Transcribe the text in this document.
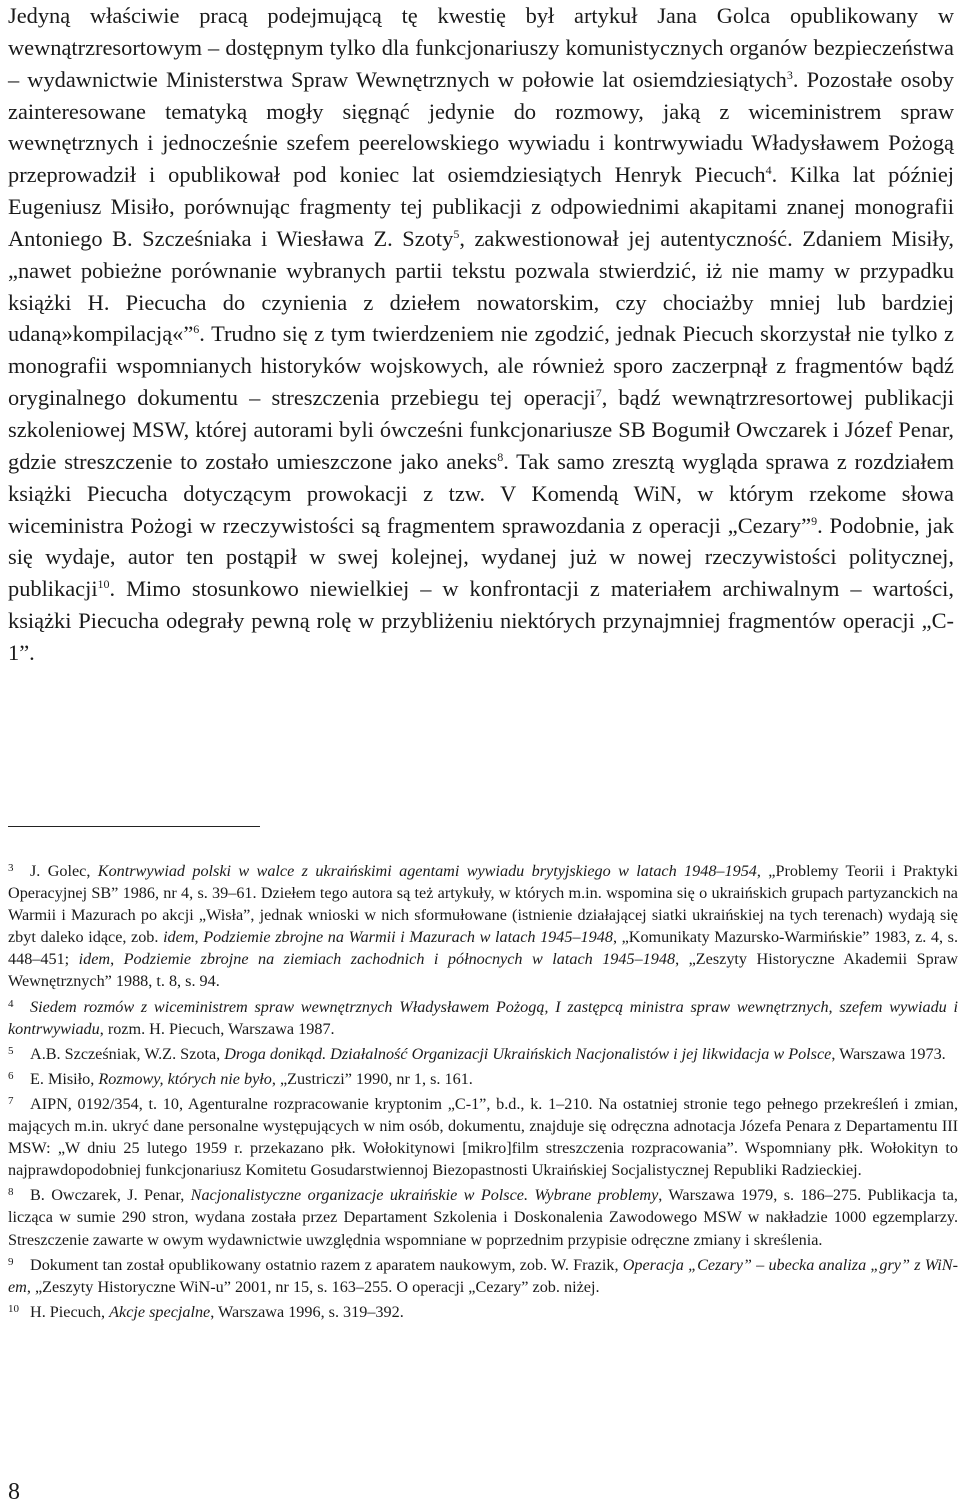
Jedyną właściwie pracą podejmującą tę kwestię był artykuł Jana Golca opublikowany w wewnątrzresortowym – dostępnym tylko dla funkcjonariuszy komunistycznych organów bezpieczeństwa – wydawnictwie Ministerstwa Spraw Wewnętrznych w połowie lat osiemdziesiątych$^3$. Pozostałe osoby zainteresowane tematyką mogły sięgnąć jedynie do rozmowy, jaką z wiceministrem spraw wewnętrznych i jednocześnie szefem peerelowskiego wywiadu i kontrwywiadu Władysławem Pożogą przeprowadził i opublikował pod koniec lat osiemdziesiątych Henryk Piecuch$^4$. Kilka lat później Eugeniusz Misiło, porównując fragmenty tej publikacji z odpowiednimi akapitami znanej monografii Antoniego B. Szcześniaka i Wiesława Z. Szoty$^5$, zakwestionował jej autentyczność. Zdaniem Misiły, „nawet pobieżne porównanie wybranych partii tekstu pozwala stwierdzić, iż nie mamy w przypadku książki H. Piecucha do czynienia z dziełem nowatorskim, czy chociażby mniej lub bardziej udaną»kompilacją«”$^6$. Trudno się z tym twierdzeniem nie zgodzić, jednak Piecuch skorzystał nie tylko z monografii wspomnianych historyków wojskowych, ale również sporo zaczerpnął z fragmentów bądź oryginalnego dokumentu – streszczenia przebiegu tej operacji$^7$, bądź wewnątrzresortowej publikacji szkoleniowej MSW, której autorami byli ówcześni funkcjonariusze SB Bogumił Owczarek i Józef Penar, gdzie streszczenie to zostało umieszczone jako aneks$^8$. Tak samo zresztą wygląda sprawa z rozdziałem książki Piecucha dotyczącym prowokacji z tzw. V Komendą WiN, w którym rzekome słowa wiceministra Pożogi w rzeczywistości są fragmentem sprawozdania z operacji „Cezary”$^9$. Podobnie, jak się wydaje, autor ten postąpił w swej kolejnej, wydanej już w nowej rzeczywistości politycznej, publikacji$^{10}$. Mimo stosunkowo niewielkiej – w konfrontacji z materiałem archiwalnym – wartości, książki Piecucha odegrały pewną rolę w przybliżeniu niektórych przynajmniej fragmentów operacji „C-1”.

3 J. Golec, Kontrwywiad polski w walce z ukraińskimi agentami wywiadu brytyjskiego w latach 1948–1954, „Problemy Teorii i Praktyki Operacyjnej SB” 1986, nr 4, s. 39–61. Dziełem tego autora są też artykuły, w których m.in. wspomina się o ukraińskich grupach partyzanckich na Warmii i Mazurach po akcji „Wisła”, jednak wnioski w nich sformułowane (istnienie działającej siatki ukraińskiej na tych terenach) wydają się zbyt daleko idące, zob. idem, Podziemie zbrojne na Warmii i Mazurach w latach 1945–1948, „Komunikaty Mazursko-Warmińskie” 1983, z. 4, s. 448–451; idem, Podziemie zbrojne na ziemiach zachodnich i północnych w latach 1945–1948, „Zeszyty Historyczne Akademii Spraw Wewnętrznych” 1988, t. 8, s. 94.

4 Siedem rozmów z wiceministrem spraw wewnętrznych Władysławem Pożogą, I zastępcą ministra spraw wewnętrznych, szefem wywiadu i kontrwywiadu, rozm. H. Piecuch, Warszawa 1987.

5 A.B. Szcześniak, W.Z. Szota, Droga donikąd. Działalność Organizacji Ukraińskich Nacjonalistów i jej likwidacja w Polsce, Warszawa 1973.

6 E. Misiło, Rozmowy, których nie było, „Zustriczi” 1990, nr 1, s. 161.

7 AIPN, 0192/354, t. 10, Agenturalne rozpracowanie kryptonim „C-1”, b.d., k. 1–210. Na ostatniej stronie tego pełnego przekreśleń i zmian, mających m.in. ukryć dane personalne występujących w nim osób, dokumentu, znajduje się odręczna adnotacja Józefa Penara z Departamentu III MSW: „W dniu 25 lutego 1959 r. przekazano płk. Wołokitynowi [mikro]film streszczenia rozpracowania”. Wspomniany płk. Wołokityn to najprawdopodobniej funkcjonariusz Komitetu Gosudarstwiennoj Biezopastnosti Ukraińskiej Socjalistycznej Republiki Radzieckiej.

8 B. Owczarek, J. Penar, Nacjonalistyczne organizacje ukraińskie w Polsce. Wybrane problemy, Warszawa 1979, s. 186–275. Publikacja ta, licząca w sumie 290 stron, wydana została przez Departament Szkolenia i Doskonalenia Zawodowego MSW w nakładzie 1000 egzemplarzy. Streszczenie zawarte w owym wydawnictwie uwzględnia wspomniane w poprzednim przypisie odręczne zmiany i skreślenia.

9 Dokument tan został opublikowany ostatnio razem z aparatem naukowym, zob. W. Frazik, Operacja „Cezary” – ubecka analiza „gry” z WiN-em, „Zeszyty Historyczne WiN-u” 2001, nr 15, s. 163–255. O operacji „Cezary” zob. niżej.

10 H. Piecuch, Akcje specjalne, Warszawa 1996, s. 319–392.

8
